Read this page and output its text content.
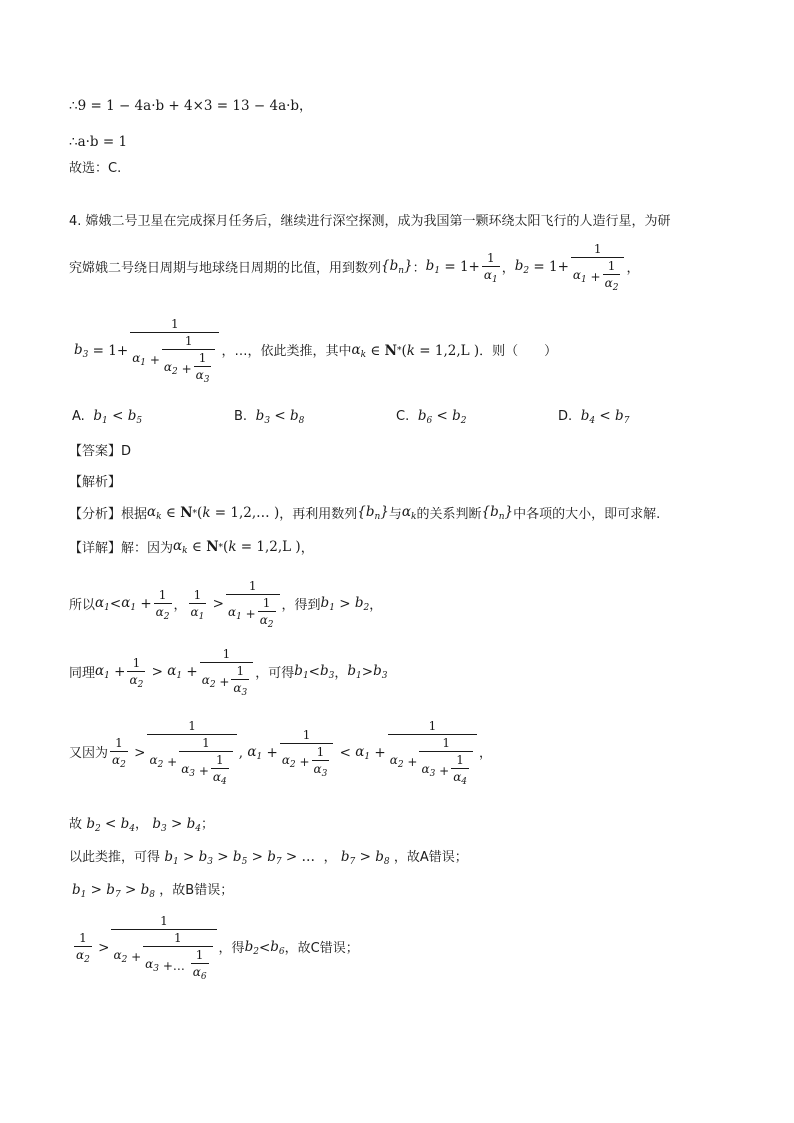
∴9 = 1 − 4a·b + 4×3 = 13 − 4a·b，
∴a·b = 1
故选：C.
4. 嫦娥二号卫星在完成探月任务后，继续进行深空探测，成为我国第一颗环绕太阳飞行的人造行星，为研
究嫦娥二号绕日周期与地球绕日周期的比值，用到数列 $\{b_n\}$ ： $b_1 = 1+ \frac{1}{\alpha_1}$ ， $b_2 = 1+ \frac{1}{\alpha_1 + \frac{1}{\alpha_2}}$ ，
$b_3 = 1+ \frac{1}{\alpha_1 + \frac{1}{\alpha_2 + \frac{1}{\alpha_3}}}$ ，…，依此类推，其中 $\alpha_k$ ∈ N * ( k = 1,2,L ) ．则（　　）
A. $b_1 < b_5$	B. $b_3 < b_8$	C. $b_6 < b_2$	D. $b_4 < b_7$
【答案】D
【解析】
【分析】根据 $\alpha_k$ ∈ N * ( k = 1,2,… ) ，再利用数列 $\{b_n\}$ 与 $\alpha_k$ 的关系判断 $\{b_n\}$ 中各项的大小，即可求解.
【详解】解：因为 $\alpha_k$ ∈ N * ( k = 1,2,L ) ，
所以 $\alpha_1 < \alpha_1 + \frac{1}{\alpha_2}$ ， $\frac{1}{\alpha_1} > \frac{1}{\alpha_1 + \frac{1}{\alpha_2}}$ ，得到 $b_1 > b_2$ ，
同理 $\alpha_1 + \frac{1}{\alpha_2} > \alpha_1 + \frac{1}{\alpha_2 + \frac{1}{\alpha_3}}$ ，可得 $b_1 < b_3$ ， $b_1 > b_3$
又因为 $\frac{1}{\alpha_2} > \frac{1}{\alpha_2 + \frac{1}{\alpha_3 + \frac{1}{\alpha_4}}}$ , $\alpha_1 + \frac{1}{\alpha_2 + \frac{1}{\alpha_3}} < \alpha_1 + \frac{1}{\alpha_2 + \frac{1}{\alpha_3 + \frac{1}{\alpha_4}}}$ ，
故 $b_2 < b_4$， $b_3 > b_4$；
以此类推，可得 $b_1 > b_3 > b_5 > b_7$ > …  ， $b_7 > b_8$ ，故A错误；
$b_1 > b_7 > b_8$ ，故B错误；
$\frac{1}{\alpha_2} > \frac{1}{\alpha_2 + \frac{1}{\alpha_3 +\dots \frac{1}{\alpha_6}}}$ ，得 $b_2 < b_6$ ，故C错误；
